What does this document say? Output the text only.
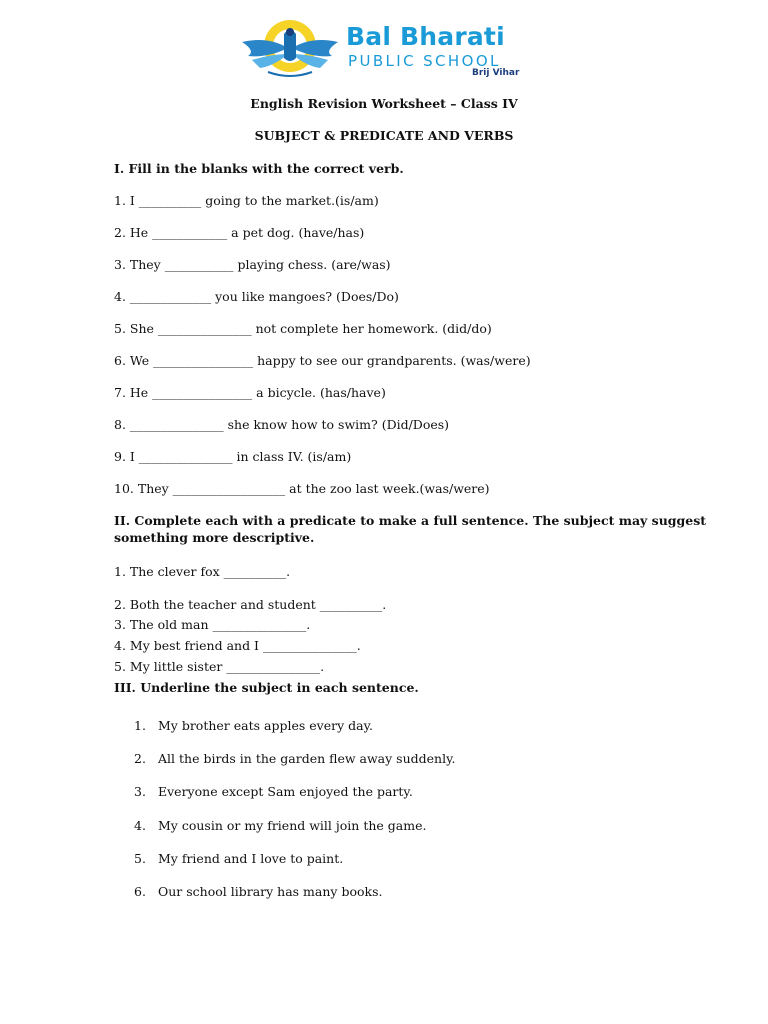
Bal Bharati
PUBLIC SCHOOL
Brij Vihar
English Revision Worksheet – Class IV
SUBJECT & PREDICATE AND VERBS
I. Fill in the blanks with the correct verb.
1. I __________ going to the market.(is/am)
2. He ____________ a pet dog. (have/has)
3. They ___________ playing chess. (are/was)
4. _____________ you like mangoes? (Does/Do)
5. She _______________ not complete her homework. (did/do)
6. We ________________ happy to see our grandparents. (was/were)
7. He ________________ a bicycle. (has/have)
8. _______________ she know how to swim? (Did/Does)
9. I _______________ in class IV. (is/am)
10. They __________________ at the zoo last week.(was/were)
II. Complete each with a predicate to make a full sentence. The subject may suggest
something more descriptive.
1. The clever fox __________.
2. Both the teacher and student __________.
3. The old man _______________.
4. My best friend and I _______________.
5. My little sister _______________.
III. Underline the subject in each sentence.
1. My brother eats apples every day.
2. All the birds in the garden flew away suddenly.
3. Everyone except Sam enjoyed the party.
4. My cousin or my friend will join the game.
5. My friend and I love to paint.
6. Our school library has many books.
